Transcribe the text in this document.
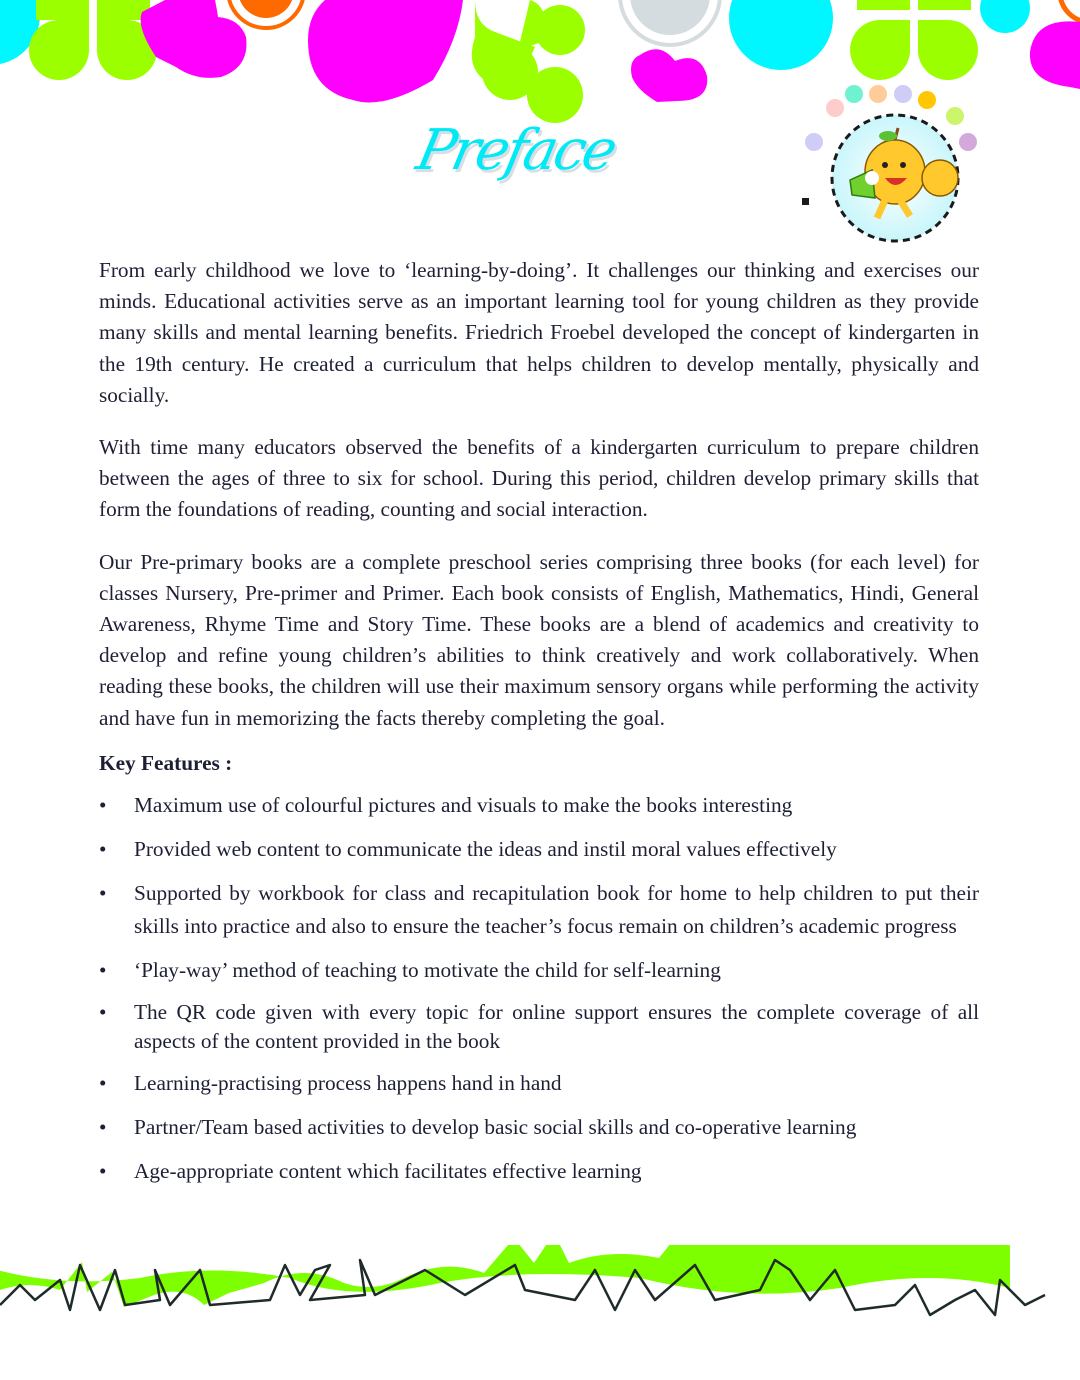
Preface

From early childhood we love to ‘learning-by-doing’. It challenges our thinking and exercises our minds. Educational activities serve as an important learning tool for young children as they provide many skills and mental learning benefits. Friedrich Froebel developed the concept of kindergarten in the 19th century. He created a curriculum that helps children to develop mentally, physically and socially.

With time many educators observed the benefits of a kindergarten curriculum to prepare children between the ages of three to six for school. During this period, children develop primary skills that form the foundations of reading, counting and social interaction.

Our Pre-primary books are a complete preschool series comprising three books (for each level) for classes Nursery, Pre-primer and Primer. Each book consists of English, Mathematics, Hindi, General Awareness, Rhyme Time and Story Time. These books are a blend of academics and creativity to develop and refine young children’s abilities to think creatively and work collaboratively. When reading these books, the children will use their maximum sensory organs while performing the activity and have fun in memorizing the facts thereby completing the goal.

Key Features :
• Maximum use of colourful pictures and visuals to make the books interesting
• Provided web content to communicate the ideas and instil moral values effectively
• Supported by workbook for class and recapitulation book for home to help children to put their skills into practice and also to ensure the teacher’s focus remain on children’s academic progress
• ‘Play-way’ method of teaching to motivate the child for self-learning
• The QR code given with every topic for online support ensures the complete coverage of all aspects of the content provided in the book
• Learning-practising process happens hand in hand
• Partner/Team based activities to develop basic social skills and co-operative learning
• Age-appropriate content which facilitates effective learning
